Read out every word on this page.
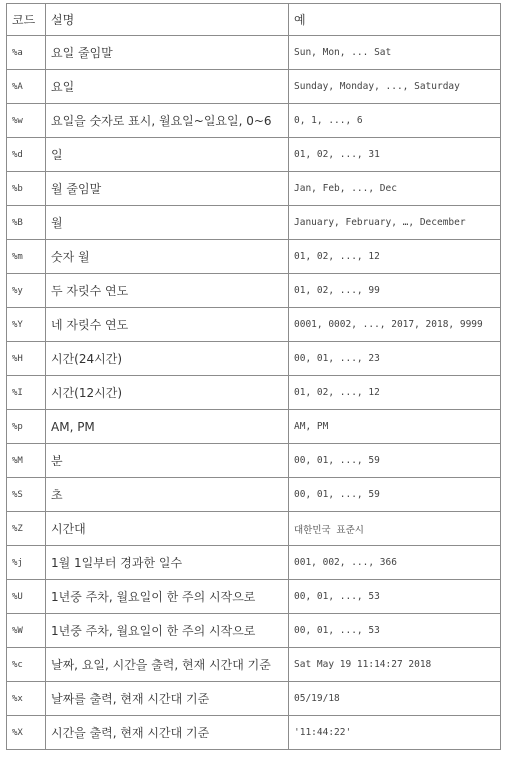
코드	설명	예
%a	요일 줄임말	Sun, Mon, ... Sat
%A	요일	Sunday, Monday, ..., Saturday
%w	요일을 숫자로 표시, 월요일~일요일, 0~6	0, 1, ..., 6
%d	일	01, 02, ..., 31
%b	월 줄임말	Jan, Feb, ..., Dec
%B	월	January, February, …, December
%m	숫자 월	01, 02, ..., 12
%y	두 자릿수 연도	01, 02, ..., 99
%Y	네 자릿수 연도	0001, 0002, ..., 2017, 2018, 9999
%H	시간(24시간)	00, 01, ..., 23
%I	시간(12시간)	01, 02, ..., 12
%p	AM, PM	AM, PM
%M	분	00, 01, ..., 59
%S	초	00, 01, ..., 59
%Z	시간대	대한민국 표준시
%j	1월 1일부터 경과한 일수	001, 002, ..., 366
%U	1년중 주차, 월요일이 한 주의 시작으로	00, 01, ..., 53
%W	1년중 주차, 월요일이 한 주의 시작으로	00, 01, ..., 53
%c	날짜, 요일, 시간을 출력, 현재 시간대 기준	Sat May 19 11:14:27 2018
%x	날짜를 출력, 현재 시간대 기준	05/19/18
%X	시간을 출력, 현재 시간대 기준	'11:44:22'
